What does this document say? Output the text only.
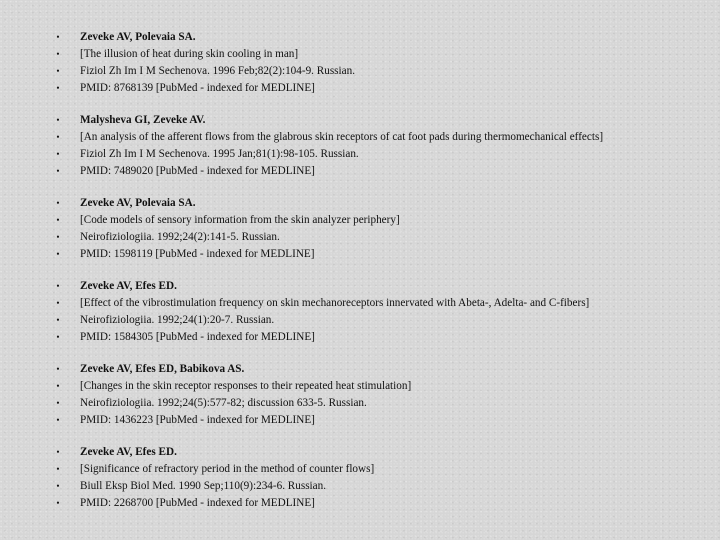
• Zeveke AV, Polevaia SA.
• [The illusion of heat during skin cooling in man]
• Fiziol Zh Im I M Sechenova. 1996 Feb;82(2):104-9. Russian.
• PMID: 8768139 [PubMed - indexed for MEDLINE]
• Malysheva GI, Zeveke AV.
• [An analysis of the afferent flows from the glabrous skin receptors of cat foot pads during thermomechanical effects]
• Fiziol Zh Im I M Sechenova. 1995 Jan;81(1):98-105. Russian.
• PMID: 7489020 [PubMed - indexed for MEDLINE]
• Zeveke AV, Polevaia SA.
• [Code models of sensory information from the skin analyzer periphery]
• Neirofiziologiia. 1992;24(2):141-5. Russian.
• PMID: 1598119 [PubMed - indexed for MEDLINE]
• Zeveke AV, Efes ED.
• [Effect of the vibrostimulation frequency on skin mechanoreceptors innervated with Abeta-, Adelta- and C-fibers]
• Neirofiziologiia. 1992;24(1):20-7. Russian.
• PMID: 1584305 [PubMed - indexed for MEDLINE]
• Zeveke AV, Efes ED, Babikova AS.
• [Changes in the skin receptor responses to their repeated heat stimulation]
• Neirofiziologiia. 1992;24(5):577-82; discussion 633-5. Russian.
• PMID: 1436223 [PubMed - indexed for MEDLINE]
• Zeveke AV, Efes ED.
• [Significance of refractory period in the method of counter flows]
• Biull Eksp Biol Med. 1990 Sep;110(9):234-6. Russian.
• PMID: 2268700 [PubMed - indexed for MEDLINE]
